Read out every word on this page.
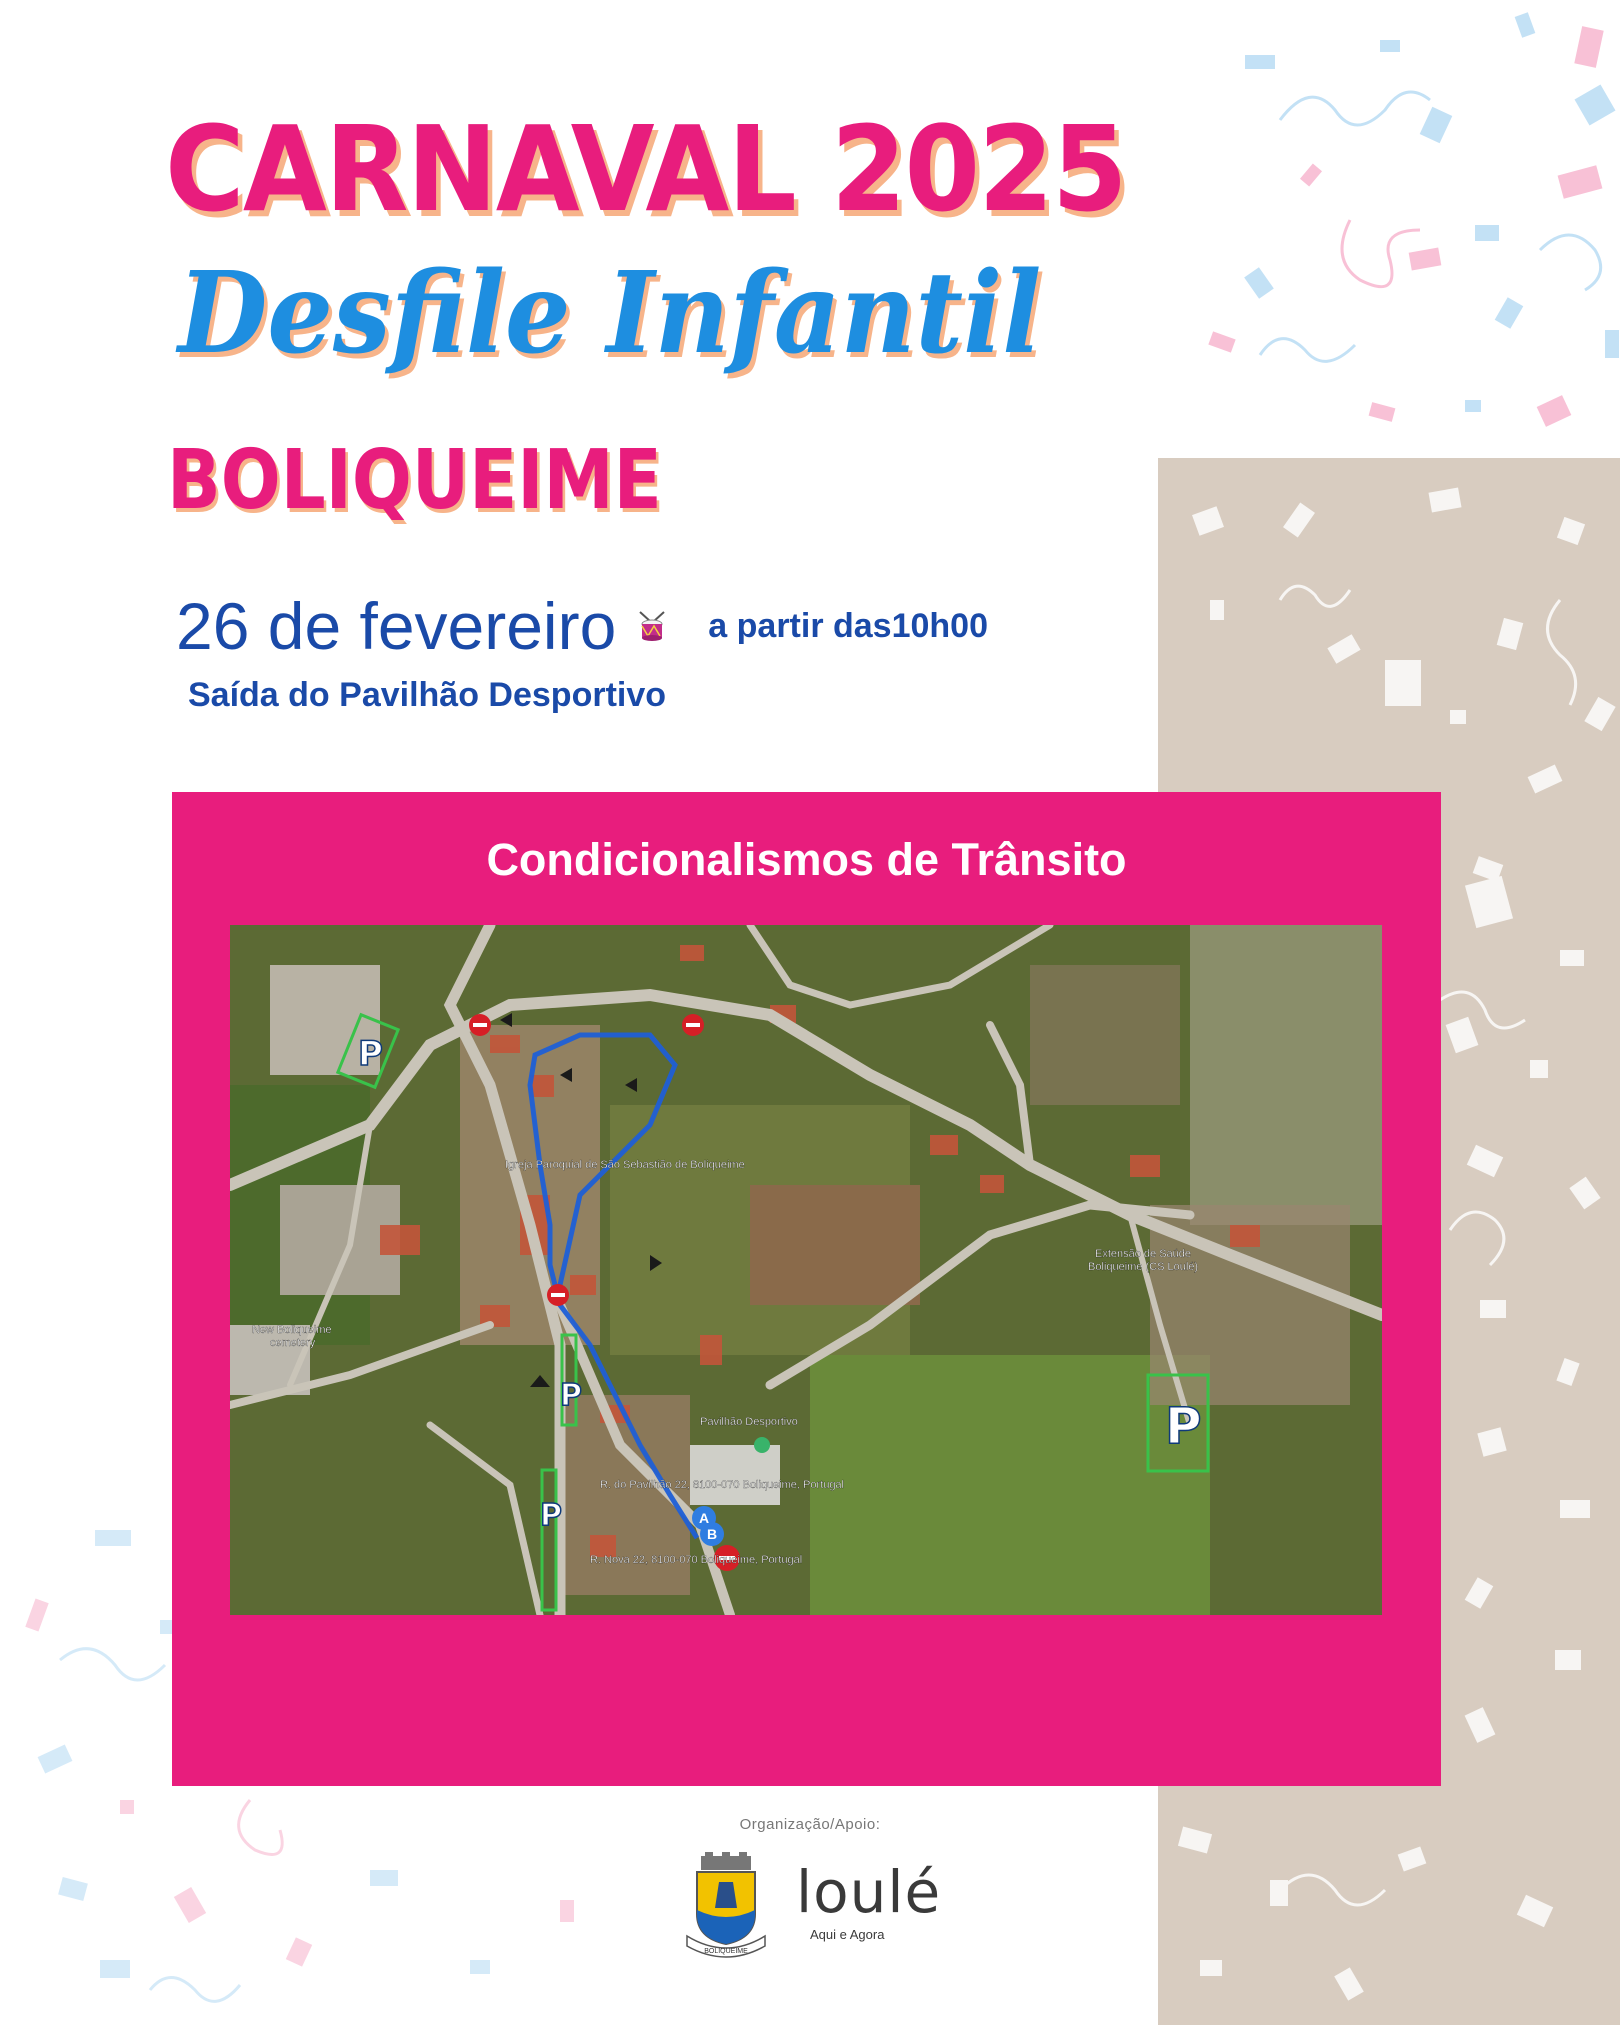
CARNAVAL 2025
Desfile Infantil
BOLIQUEIME
26 de fevereiro	a partir das10h00
Saída do Pavilhão Desportivo
Condicionalismos de Trânsito
P
P
P
P
Igreja Paroquial de São Sebastião de Boliqueime
New Boliqueime
cemetery
Extensão de Saúde
Boliqueime (CS Loulé)
Pavilhão Desportivo
R. do Pavilhão 22, 8100-070 Boliqueime, Portugal
R. Nova 22, 8100-070 Boliqueime, Portugal
A
B
Organização/Apoio:
BOLIQUEIME
loulé
Aqui e Agora
